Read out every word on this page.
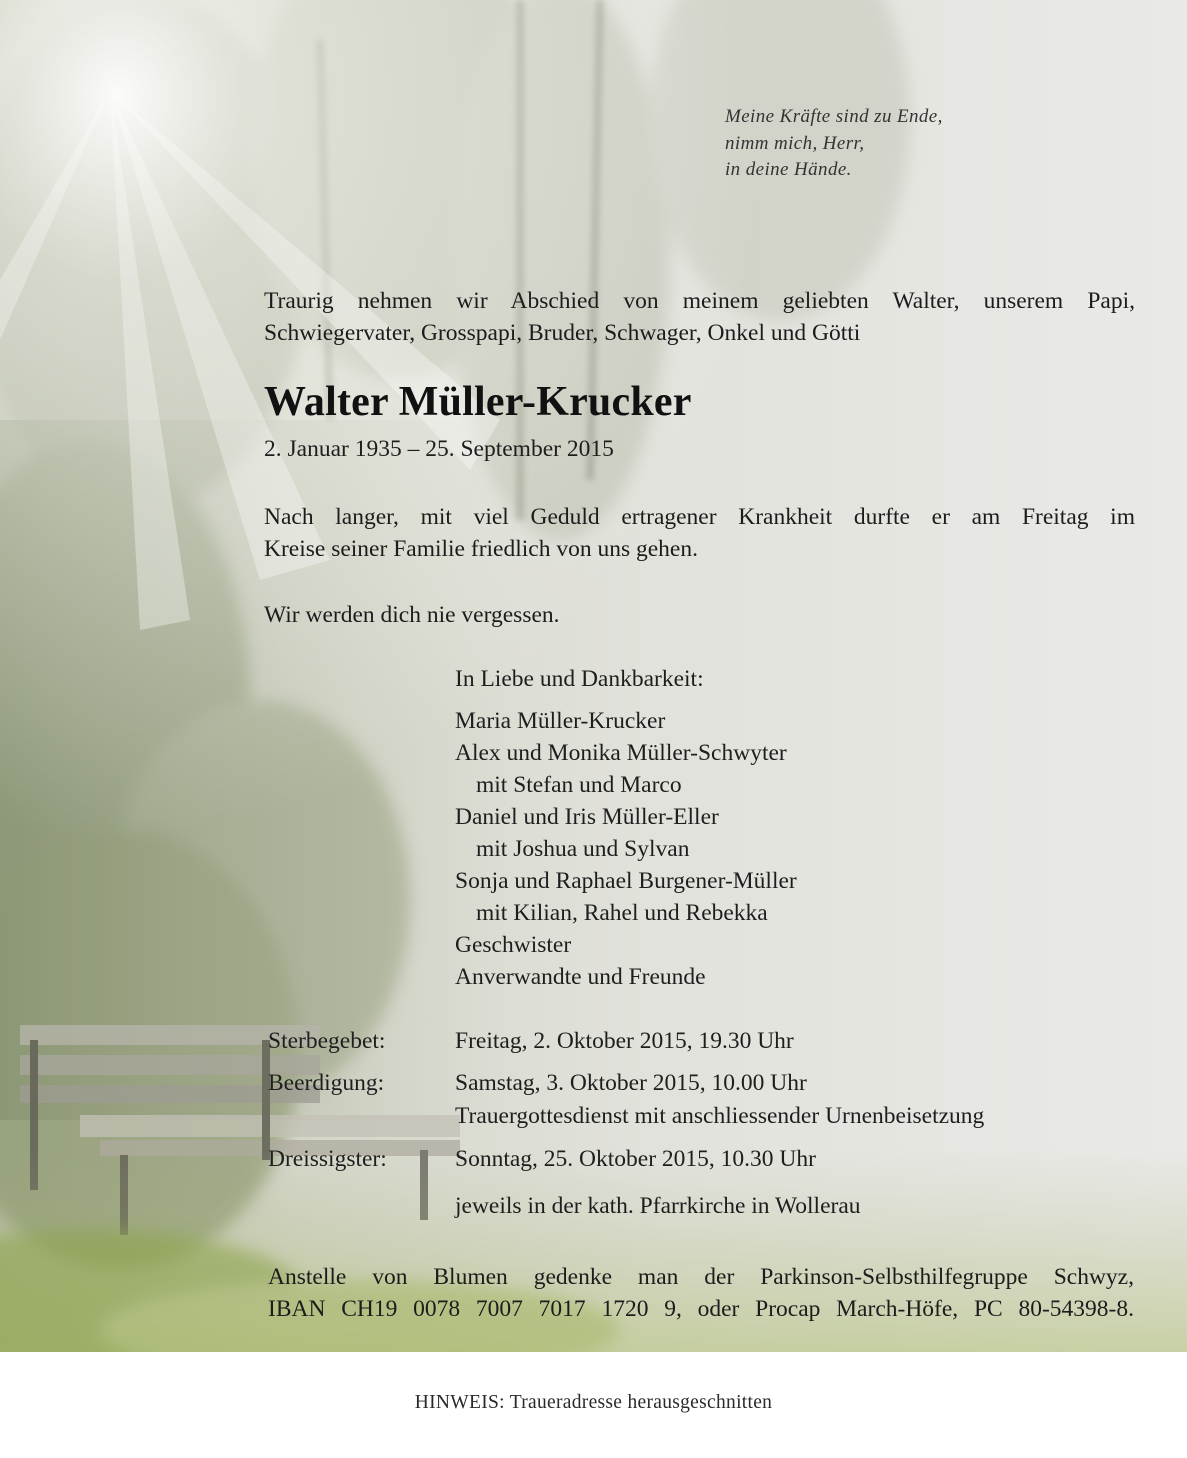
Meine Kräfte sind zu Ende,
nimm mich, Herr,
in deine Hände.
Traurig nehmen wir Abschied von meinem geliebten Walter, unserem Papi,
Schwiegervater, Grosspapi, Bruder, Schwager, Onkel und Götti
Walter Müller-Krucker
2. Januar 1935 – 25. September 2015
Nach langer, mit viel Geduld ertragener Krankheit durfte er am Freitag im
Kreise seiner Familie friedlich von uns gehen.
Wir werden dich nie vergessen.
In Liebe und Dankbarkeit:
Maria Müller-Krucker
Alex und Monika Müller-Schwyter
mit Stefan und Marco
Daniel und Iris Müller-Eller
mit Joshua und Sylvan
Sonja und Raphael Burgener-Müller
mit Kilian, Rahel und Rebekka
Geschwister
Anverwandte und Freunde
Sterbegebet:	Freitag, 2. Oktober 2015, 19.30 Uhr
Beerdigung:	Samstag, 3. Oktober 2015, 10.00 Uhr
Trauergottesdienst mit anschliessender Urnenbeisetzung
Dreissigster:	Sonntag, 25. Oktober 2015, 10.30 Uhr
jeweils in der kath. Pfarrkirche in Wollerau
Anstelle von Blumen gedenke man der Parkinson-Selbsthilfegruppe Schwyz,
IBAN CH19 0078 7007 7017 1720 9, oder Procap March-Höfe, PC 80-54398-8.
HINWEIS: Traueradresse herausgeschnitten
